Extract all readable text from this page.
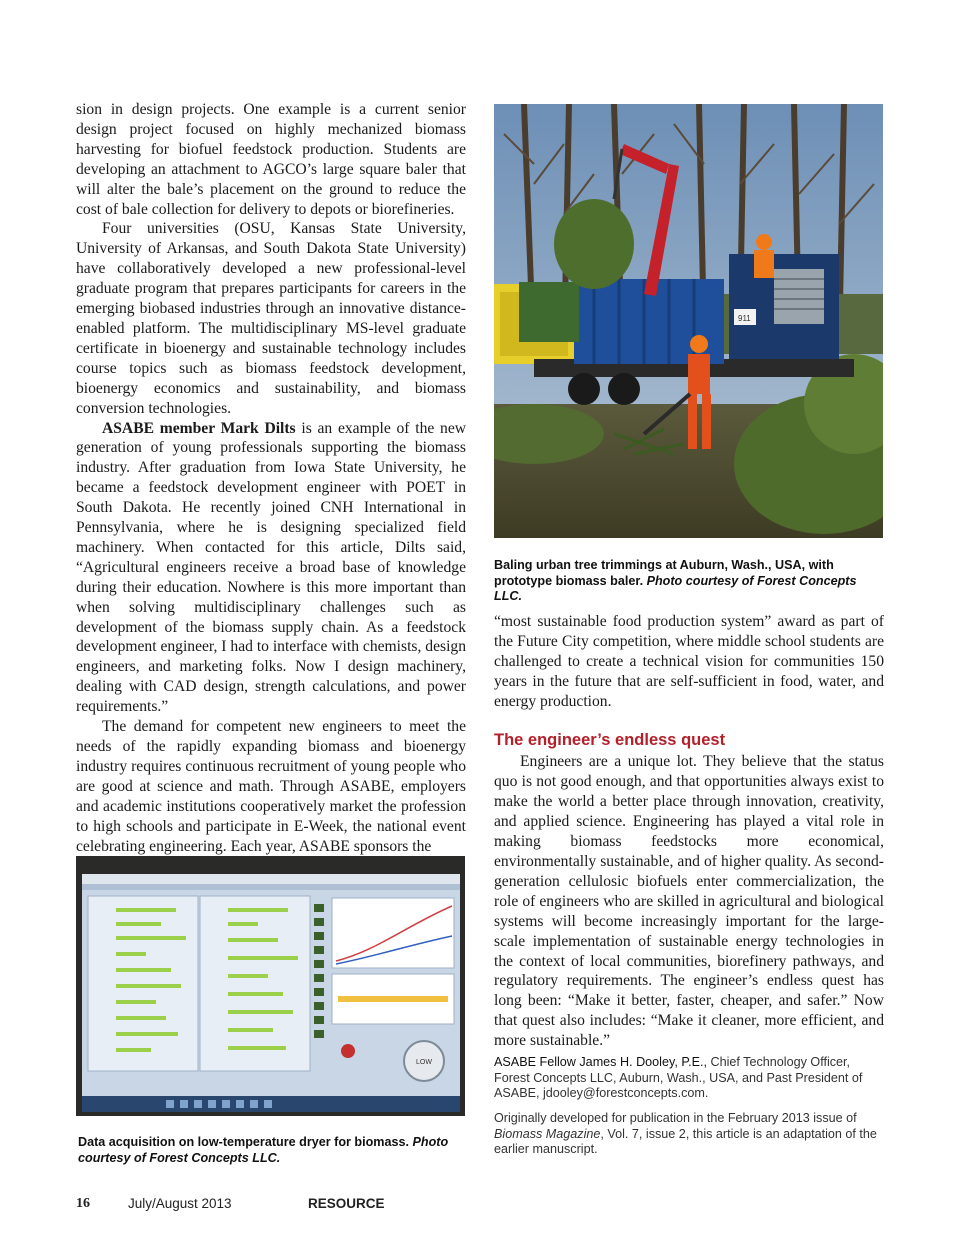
sion in design projects. One example is a current senior design project focused on highly mechanized biomass harvesting for biofuel feedstock production. Students are developing an attachment to AGCO’s large square baler that will alter the bale’s placement on the ground to reduce the cost of bale collection for delivery to depots or biorefineries.

Four universities (OSU, Kansas State University, University of Arkansas, and South Dakota State University) have collaboratively developed a new professional-level graduate program that prepares participants for careers in the emerging biobased industries through an innovative distance-enabled platform. The multidisciplinary MS-level graduate certificate in bioenergy and sustainable technology includes course topics such as biomass feedstock development, bioenergy economics and sustainability, and biomass conversion technologies.

ASABE member Mark Dilts is an example of the new generation of young professionals supporting the biomass industry. After graduation from Iowa State University, he became a feedstock development engineer with POET in South Dakota. He recently joined CNH International in Pennsylvania, where he is designing specialized field machinery. When contacted for this article, Dilts said, “Agricultural engineers receive a broad base of knowledge during their education. Nowhere is this more important than when solving multidisciplinary challenges such as development of the biomass supply chain. As a feedstock development engineer, I had to interface with chemists, design engineers, and marketing folks. Now I design machinery, dealing with CAD design, strength calculations, and power requirements.”

The demand for competent new engineers to meet the needs of the rapidly expanding biomass and bioenergy industry requires continuous recruitment of young people who are good at science and math. Through ASABE, employers and academic institutions cooperatively market the profession to high schools and participate in E-Week, the national event celebrating engineering. Each year, ASABE sponsors the

911
Baling urban tree trimmings at Auburn, Wash., USA, with prototype biomass baler. Photo courtesy of Forest Concepts LLC.

“most sustainable food production system” award as part of the Future City competition, where middle school students are challenged to create a technical vision for communities 150 years in the future that are self-sufficient in food, water, and energy production.

The engineer’s endless quest

Engineers are a unique lot. They believe that the status quo is not good enough, and that opportunities always exist to make the world a better place through innovation, creativity, and applied science. Engineering has played a vital role in making biomass feedstocks more economical, environmentally sustainable, and of higher quality. As second-generation cellulosic biofuels enter commercialization, the role of engineers who are skilled in agricultural and biological systems will become increasingly important for the large-scale implementation of sustainable energy technologies in the context of local communities, biorefinery pathways, and regulatory requirements. The engineer’s endless quest has long been: “Make it better, faster, cheaper, and safer.” Now that quest also includes: “Make it cleaner, more efficient, and more sustainable.”

ASABE Fellow James H. Dooley, P.E., Chief Technology Officer, Forest Concepts LLC, Auburn, Wash., USA, and Past President of ASABE, jdooley@forestconcepts.com.
Originally developed for publication in the February 2013 issue of Biomass Magazine, Vol. 7, issue 2, this article is an adaptation of the earlier manuscript.
LOW
Data acquisition on low-temperature dryer for biomass. Photo courtesy of Forest Concepts LLC.
16	July/August 2013	RESOURCE
